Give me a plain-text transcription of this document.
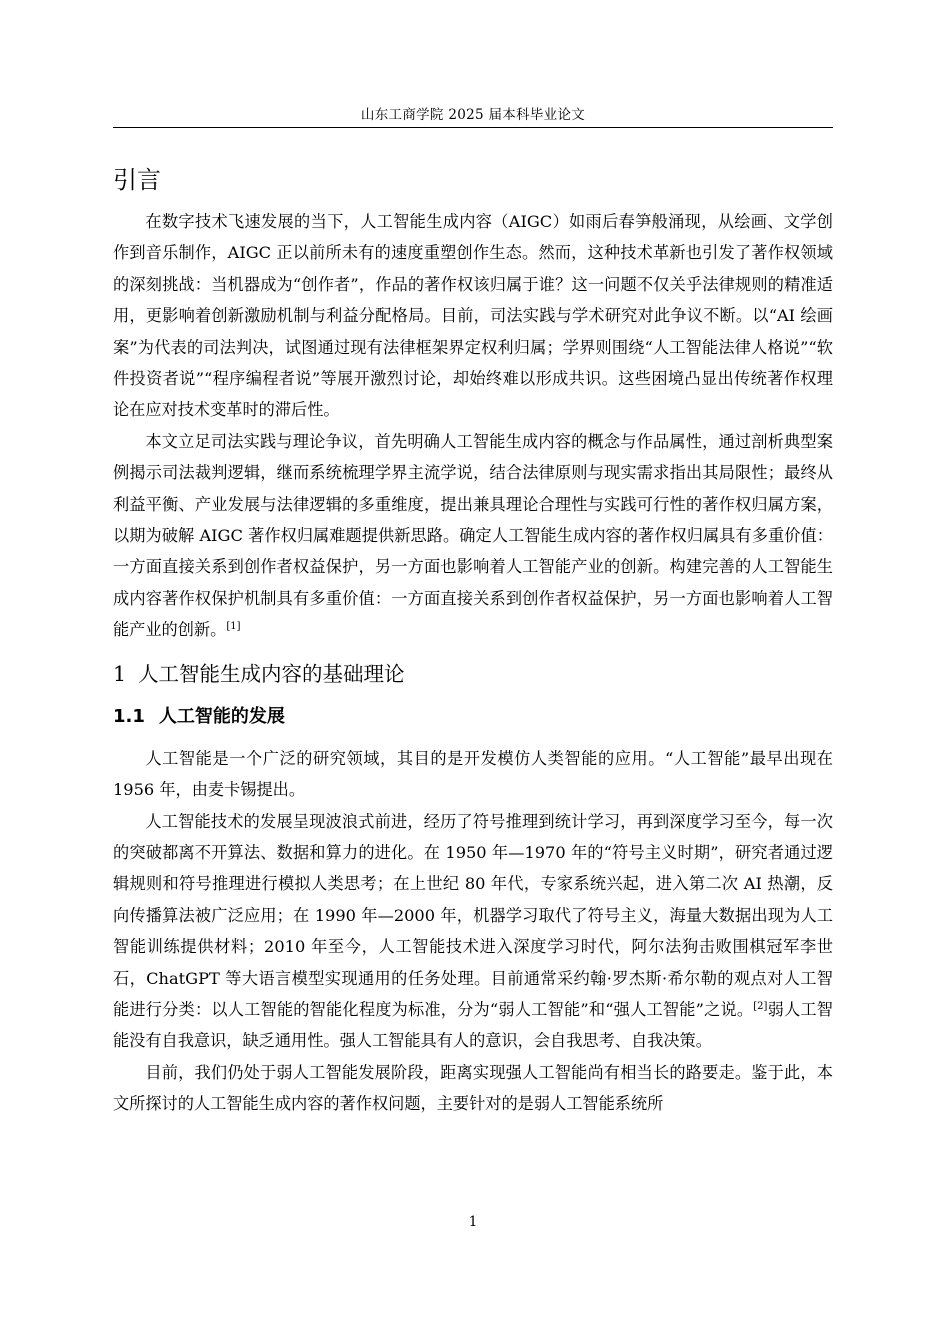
山东工商学院 2025 届本科毕业论文
引言

在数字技术飞速发展的当下，人工智能生成内容（AIGC）如雨后春笋般涌现，从绘画、文学创作到音乐制作，AIGC 正以前所未有的速度重塑创作生态。然而，这种技术革新也引发了著作权领域的深刻挑战：当机器成为“创作者”，作品的著作权该归属于谁？这一问题不仅关乎法律规则的精准适用，更影响着创新激励机制与利益分配格局。目前，司法实践与学术研究对此争议不断。以“AI 绘画案”为代表的司法判决，试图通过现有法律框架界定权利归属；学界则围绕“人工智能法律人格说”“软件投资者说”“程序编程者说”等展开激烈讨论，却始终难以形成共识。这些困境凸显出传统著作权理论在应对技术变革时的滞后性。

本文立足司法实践与理论争议，首先明确人工智能生成内容的概念与作品属性，通过剖析典型案例揭示司法裁判逻辑，继而系统梳理学界主流学说，结合法律原则与现实需求指出其局限性；最终从利益平衡、产业发展与法律逻辑的多重维度，提出兼具理论合理性与实践可行性的著作权归属方案，以期为破解 AIGC 著作权归属难题提供新思路。确定人工智能生成内容的著作权归属具有多重价值：一方面直接关系到创作者权益保护，另一方面也影响着人工智能产业的创新。构建完善的人工智能生成内容著作权保护机制具有多重价值：一方面直接关系到创作者权益保护，另一方面也影响着人工智能产业的创新。[1]

1 人工智能生成内容的基础理论
1.1 人工智能的发展

人工智能是一个广泛的研究领域，其目的是开发模仿人类智能的应用。“人工智能”最早出现在 1956 年，由麦卡锡提出。

人工智能技术的发展呈现波浪式前进，经历了符号推理到统计学习，再到深度学习至今，每一次的突破都离不开算法、数据和算力的进化。在 1950 年—1970 年的“符号主义时期”，研究者通过逻辑规则和符号推理进行模拟人类思考；在上世纪 80 年代，专家系统兴起，进入第二次 AI 热潮，反向传播算法被广泛应用；在 1990 年—2000 年，机器学习取代了符号主义，海量大数据出现为人工智能训练提供材料；2010 年至今，人工智能技术进入深度学习时代，阿尔法狗击败围棋冠军李世石，ChatGPT 等大语言模型实现通用的任务处理。目前通常采约翰·罗杰斯·希尔勒的观点对人工智能进行分类：以人工智能的智能化程度为标准，分为“弱人工智能”和“强人工智能”之说。[2]弱人工智能没有自我意识，缺乏通用性。强人工智能具有人的意识，会自我思考、自我决策。

目前，我们仍处于弱人工智能发展阶段，距离实现强人工智能尚有相当长的路要走。鉴于此，本文所探讨的人工智能生成内容的著作权问题，主要针对的是弱人工智能系统所

1
